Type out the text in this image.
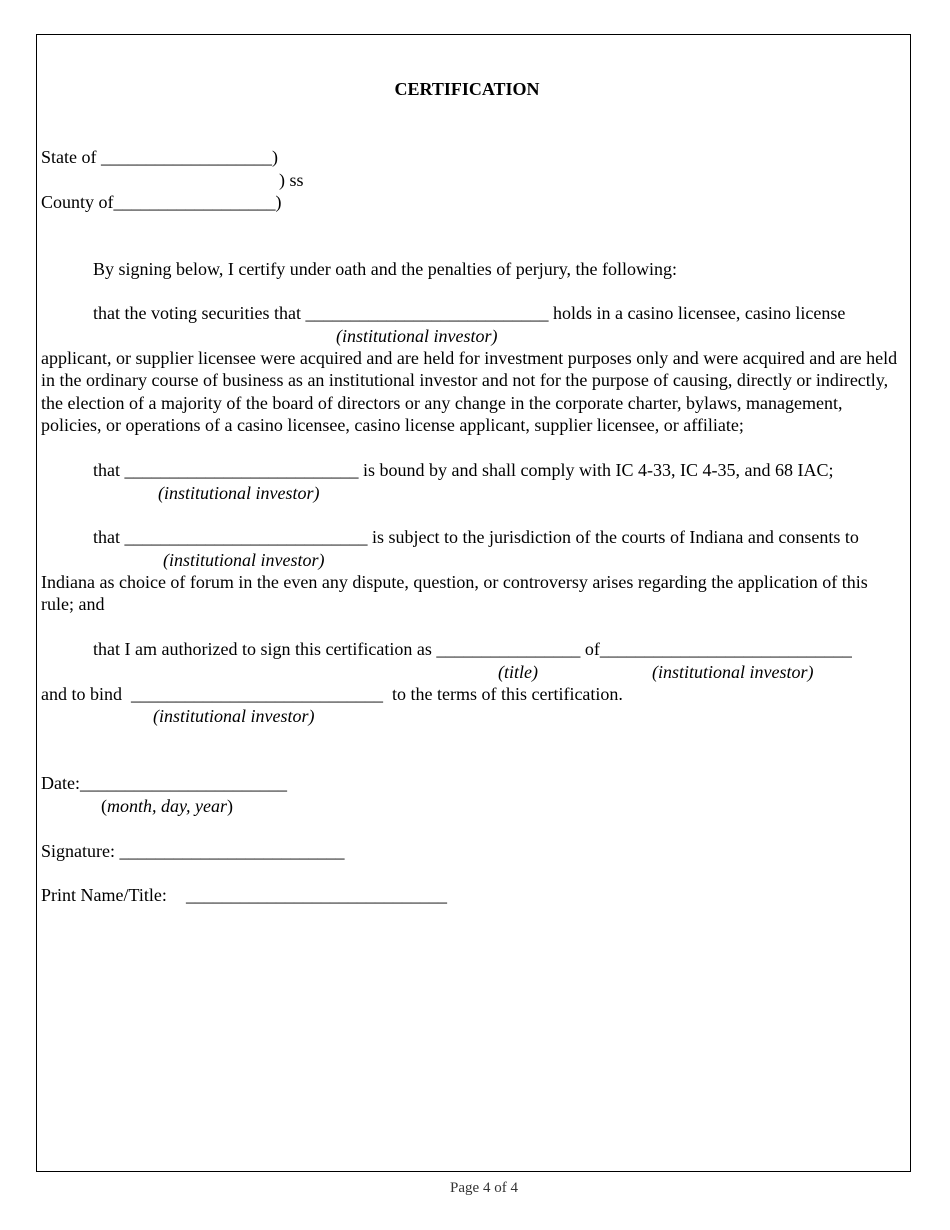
CERTIFICATION

State of ___________________)

) ss

County of__________________)

By signing below, I certify under oath and the penalties of perjury, the following:

that the voting securities that ___________________________ holds in a casino licensee, casino license

(institutional investor)

applicant, or supplier licensee were acquired and are held for investment purposes only and were acquired and are held in the ordinary course of business as an institutional investor and not for the purpose of causing, directly or indirectly, the election of a majority of the board of directors or any change in the corporate charter, bylaws, management, policies, or operations of a casino licensee, casino license applicant, supplier licensee, or affiliate;

that __________________________ is bound by and shall comply with IC 4-33, IC 4-35, and 68 IAC;

(institutional investor)

that ___________________________ is subject to the jurisdiction of the courts of Indiana and consents to

(institutional investor)

Indiana as choice of forum in the even any dispute, question, or controversy arises regarding the application of this

rule; and

that I am authorized to sign this certification as ________________ of____________________________

(title)	(institutional investor)

and to bind  ____________________________  to the terms of this certification.

(institutional investor)

Date:_______________________

(month, day, year)

Signature: _________________________

Print Name/Title: _____________________________

Page 4 of 4
